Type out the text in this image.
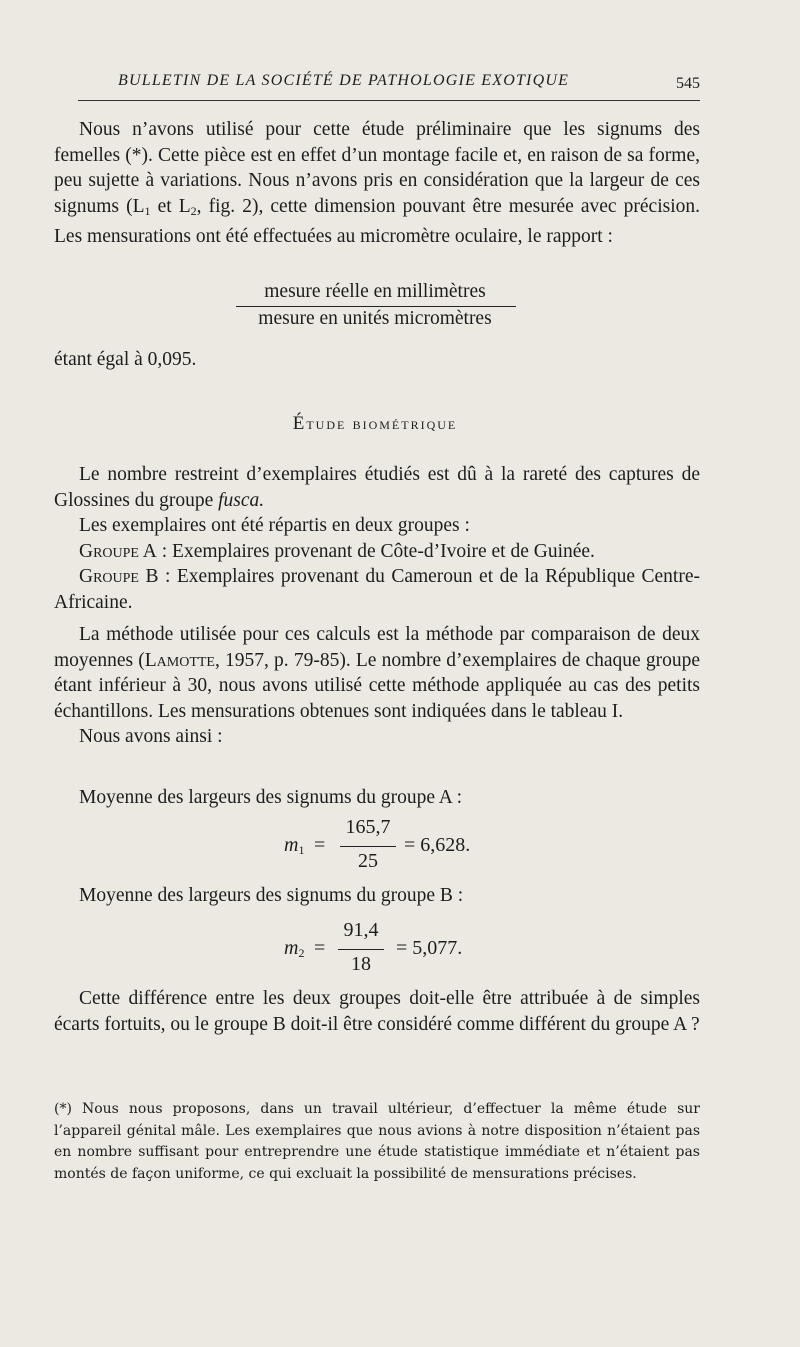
BULLETIN DE LA SOCIÉTÉ DE PATHOLOGIE EXOTIQUE	545

Nous n’avons utilisé pour cette étude préliminaire que les signums des femelles (*). Cette pièce est en effet d’un montage facile et, en raison de sa forme, peu sujette à variations. Nous n’avons pris en considération que la largeur de ces signums ($L_1$ et $L_2$, fig. 2), cette dimension pouvant être mesurée avec précision. Les mensurations ont été effectuées au micromètre oculaire, le rapport :

mesure réelle en millimètres
mesure en unités micromètres
étant égal à 0,095.
Étude biométrique

Le nombre restreint d’exemplaires étudiés est dû à la rareté des captures de Glossines du groupe fusca.

Les exemplaires ont été répartis en deux groupes :

Groupe A : Exemplaires provenant de Côte-d’Ivoire et de Guinée.

Groupe B : Exemplaires provenant du Cameroun et de la République Centre-Africaine.

La méthode utilisée pour ces calculs est la méthode par comparaison de deux moyennes (Lamotte, 1957, p. 79-85). Le nombre d’exemplaires de chaque groupe étant inférieur à 30, nous avons utilisé cette méthode appliquée au cas des petits échantillons. Les mensurations obtenues sont indiquées dans le tableau I.

Nous avons ainsi :

Moyenne des largeurs des signums du groupe A :
$m_1$ =
165,7
25
= 6,628.
Moyenne des largeurs des signums du groupe B :
$m_2$ =
91,4
18
= 5,077.
Cette différence entre les deux groupes doit-elle être attribuée à de simples écarts fortuits, ou le groupe B doit-il être considéré comme différent du groupe A ?
(*) Nous nous proposons, dans un travail ultérieur, d’effectuer la même étude sur l’appareil génital mâle. Les exemplaires que nous avions à notre disposition n’étaient pas en nombre suffisant pour entreprendre une étude statistique immédiate et n’étaient pas montés de façon uniforme, ce qui excluait la possibilité de mensurations précises.
